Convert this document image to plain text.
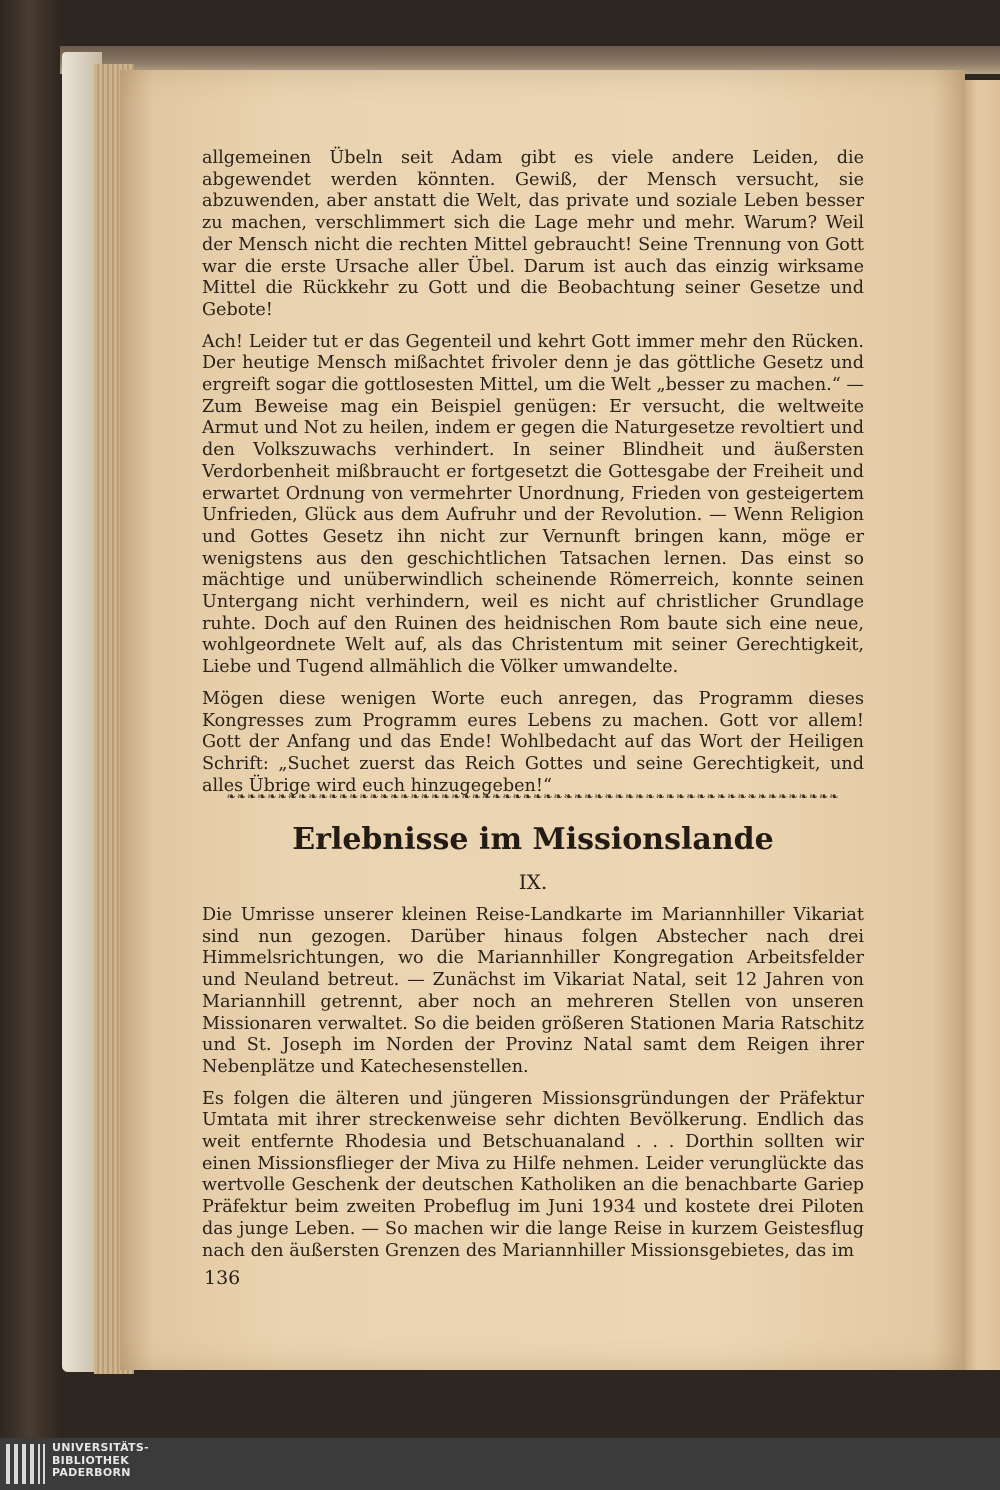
allgemeinen Übeln seit Adam gibt es viele andere Leiden, die abgewendet werden könnten. Gewiß, der Mensch versucht, sie abzuwenden, aber anstatt die Welt, das private und soziale Leben besser zu machen, verschlimmert sich die Lage mehr und mehr. Warum? Weil der Mensch nicht die rechten Mittel gebraucht! Seine Trennung von Gott war die erste Ursache aller Übel. Darum ist auch das einzig wirksame Mittel die Rückkehr zu Gott und die Beobachtung seiner Gesetze und Gebote!

Ach! Leider tut er das Gegenteil und kehrt Gott immer mehr den Rücken. Der heutige Mensch mißachtet frivoler denn je das göttliche Gesetz und ergreift sogar die gottlosesten Mittel, um die Welt „besser zu machen.“ — Zum Beweise mag ein Beispiel genügen: Er versucht, die weltweite Armut und Not zu heilen, indem er gegen die Naturgesetze revoltiert und den Volkszuwachs verhindert. In seiner Blindheit und äußersten Verdorbenheit mißbraucht er fortgesetzt die Gottesgabe der Freiheit und erwartet Ordnung von vermehrter Unordnung, Frieden von gesteigertem Unfrieden, Glück aus dem Aufruhr und der Revolution. — Wenn Religion und Gottes Gesetz ihn nicht zur Vernunft bringen kann, möge er wenigstens aus den geschichtlichen Tatsachen lernen. Das einst so mächtige und unüberwindlich scheinende Römerreich, konnte seinen Untergang nicht verhindern, weil es nicht auf christlicher Grundlage ruhte. Doch auf den Ruinen des heidnischen Rom baute sich eine neue, wohlgeordnete Welt auf, als das Christentum mit seiner Gerechtigkeit, Liebe und Tugend allmählich die Völker umwandelte.

Mögen diese wenigen Worte euch anregen, das Programm dieses Kongresses zum Programm eures Lebens zu machen. Gott vor allem! Gott der Anfang und das Ende! Wohlbedacht auf das Wort der Heiligen Schrift: „Suchet zuerst das Reich Gottes und seine Gerechtigkeit, und alles Übrige wird euch hinzugegeben!“

❧❧❧❧❧❧❧❧❧❧❧❧❧❧❧❧❧❧❧❧❧❧❧❧❧❧❧❧❧❧❧❧❧❧❧❧❧❧❧❧❧❧❧❧❧❧❧❧❧❧❧❧❧❧❧❧❧❧❧❧
Erlebnisse im Missionslande
IX.

Die Umrisse unserer kleinen Reise-Landkarte im Mariannhiller Vikariat sind nun gezogen. Darüber hinaus folgen Abstecher nach drei Himmelsrichtungen, wo die Mariannhiller Kongregation Arbeitsfelder und Neuland betreut. — Zunächst im Vikariat Natal, seit 12 Jahren von Mariannhill getrennt, aber noch an mehreren Stellen von unseren Missionaren verwaltet. So die beiden größeren Stationen Maria Ratschitz und St. Joseph im Norden der Provinz Natal samt dem Reigen ihrer Nebenplätze und Katechesenstellen.

Es folgen die älteren und jüngeren Missionsgründungen der Präfektur Umtata mit ihrer streckenweise sehr dichten Bevölkerung. Endlich das weit entfernte Rhodesia und Betschuanaland . . . Dorthin sollten wir einen Missionsflieger der Miva zu Hilfe nehmen. Leider verunglückte das wertvolle Geschenk der deutschen Katholiken an die benachbarte Gariep Präfektur beim zweiten Probeflug im Juni 1934 und kostete drei Piloten das junge Leben. — So machen wir die lange Reise in kurzem Geistesflug nach den äußersten Grenzen des Mariannhiller Missionsgebietes, das im

136
UNIVERSITÄTS-
BIBLIOTHEK
PADERBORN
